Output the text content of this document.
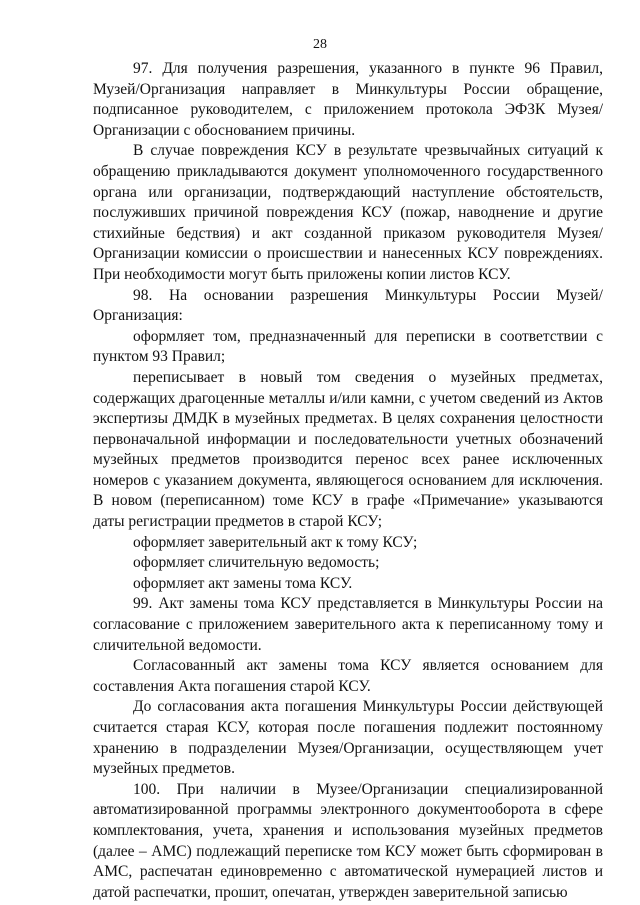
28

97. Для получения разрешения, указанного в пункте 96 Правил, Музей/Организация направляет в Минкультуры России обращение, подписанное руководителем, с приложением протокола ЭФЗК Музея/Организации с обоснованием причины.

В случае повреждения КСУ в результате чрезвычайных ситуаций к обращению прикладываются документ уполномоченного государственного органа или организации, подтверждающий наступление обстоятельств, послуживших причиной повреждения КСУ (пожар, наводнение и другие стихийные бедствия) и акт созданной приказом руководителя Музея/Организации комиссии о происшествии и нанесенных КСУ повреждениях. При необходимости могут быть приложены копии листов КСУ.

98. На основании разрешения Минкультуры России Музей/Организация:

оформляет том, предназначенный для переписки в соответствии с пунктом 93 Правил;

переписывает в новый том сведения о музейных предметах, содержащих драгоценные металлы и/или камни, с учетом сведений из Актов экспертизы ДМДК в музейных предметах. В целях сохранения целостности первоначальной информации и последовательности учетных обозначений музейных предметов производится перенос всех ранее исключенных номеров с указанием документа, являющегося основанием для исключения. В новом (переписанном) томе КСУ в графе «Примечание» указываются даты регистрации предметов в старой КСУ;

оформляет заверительный акт к тому КСУ;

оформляет сличительную ведомость;

оформляет акт замены тома КСУ.

99. Акт замены тома КСУ представляется в Минкультуры России на согласование с приложением заверительного акта к переписанному тому и сличительной ведомости.

Согласованный акт замены тома КСУ является основанием для составления Акта погашения старой КСУ.

До согласования акта погашения Минкультуры России действующей считается старая КСУ, которая после погашения подлежит постоянному хранению в подразделении Музея/Организации, осуществляющем учет музейных предметов.

100. При наличии в Музее/Организации специализированной автоматизированной программы электронного документооборота в сфере комплектования, учета, хранения и использования музейных предметов (далее – АМС) подлежащий переписке том КСУ может быть сформирован в АМС, распечатан единовременно с автоматической нумерацией листов и датой распечатки, прошит, опечатан, утвержден заверительной записью
